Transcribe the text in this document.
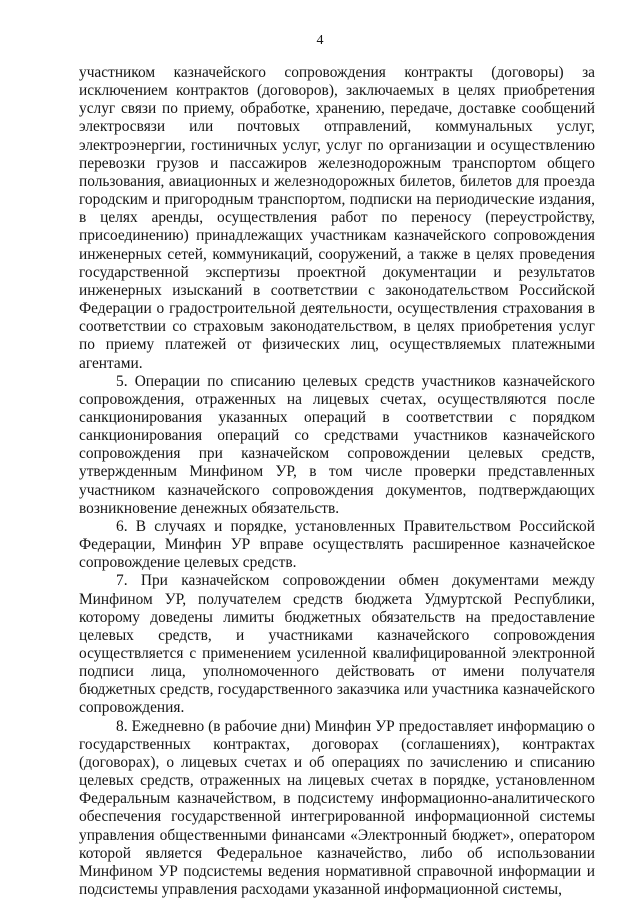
4

участником казначейского сопровождения контракты (договоры) за исключением контрактов (договоров), заключаемых в целях приобретения услуг связи по приему, обработке, хранению, передаче, доставке сообщений электросвязи или почтовых отправлений, коммунальных услуг, электроэнергии, гостиничных услуг, услуг по организации и осуществлению перевозки грузов и пассажиров железнодорожным транспортом общего пользования, авиационных и железнодорожных билетов, билетов для проезда городским и пригородным транспортом, подписки на периодические издания, в целях аренды, осуществления работ по переносу (переустройству, присоединению) принадлежащих участникам казначейского сопровождения инженерных сетей, коммуникаций, сооружений, а также в целях проведения государственной экспертизы проектной документации и результатов инженерных изысканий в соответствии с законодательством Российской Федерации о градостроительной деятельности, осуществления страхования в соответствии со страховым законодательством, в целях приобретения услуг по приему платежей от физических лиц, осуществляемых платежными агентами.

5. Операции по списанию целевых средств участников казначейского сопровождения, отраженных на лицевых счетах, осуществляются после санкционирования указанных операций в соответствии с порядком санкционирования операций со средствами участников казначейского сопровождения при казначейском сопровождении целевых средств, утвержденным Минфином УР, в том числе проверки представленных участником казначейского сопровождения документов, подтверждающих возникновение денежных обязательств.

6. В случаях и порядке, установленных Правительством Российской Федерации, Минфин УР вправе осуществлять расширенное казначейское сопровождение целевых средств.

7. При казначейском сопровождении обмен документами между Минфином УР, получателем средств бюджета Удмуртской Республики, которому доведены лимиты бюджетных обязательств на предоставление целевых средств, и участниками казначейского сопровождения осуществляется с применением усиленной квалифицированной электронной подписи лица, уполномоченного действовать от имени получателя бюджетных средств, государственного заказчика или участника казначейского сопровождения.

8. Ежедневно (в рабочие дни) Минфин УР предоставляет информацию о государственных контрактах, договорах (соглашениях), контрактах (договорах), о лицевых счетах и об операциях по зачислению и списанию целевых средств, отраженных на лицевых счетах в порядке, установленном Федеральным казначейством, в подсистему информационно-аналитического обеспечения государственной интегрированной информационной системы управления общественными финансами «Электронный бюджет», оператором которой является Федеральное казначейство, либо об использовании Минфином УР подсистемы ведения нормативной справочной информации и подсистемы управления расходами указанной информационной системы,
